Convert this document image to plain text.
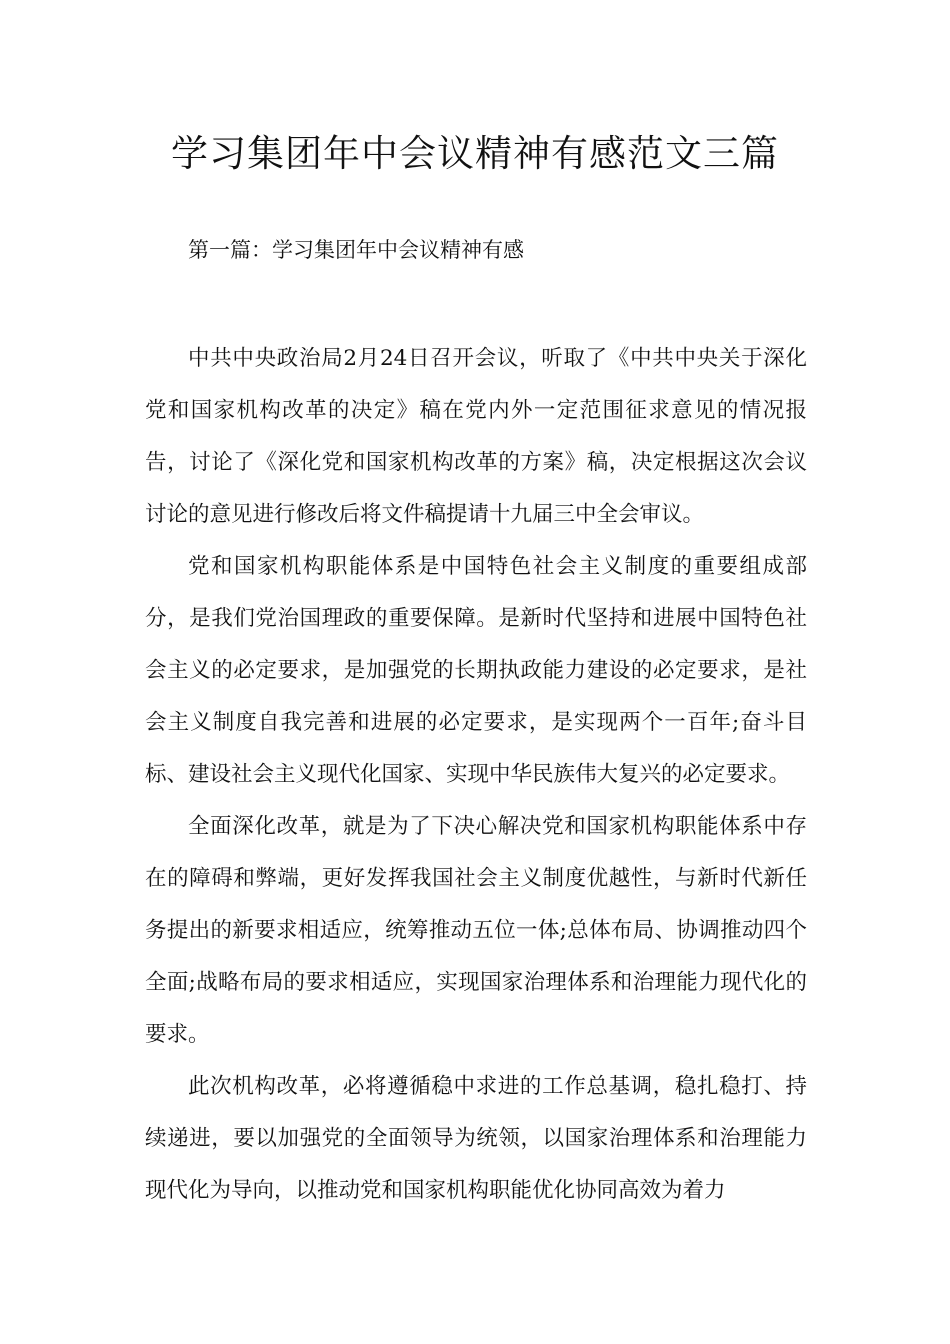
学习集团年中会议精神有感范文三篇

第一篇：学习集团年中会议精神有感

中共中央政治局2月24日召开会议，听取了《中共中央关于深化党和国家机构改革的决定》稿在党内外一定范围征求意见的情况报告，讨论了《深化党和国家机构改革的方案》稿，决定根据这次会议讨论的意见进行修改后将文件稿提请十九届三中全会审议。

党和国家机构职能体系是中国特色社会主义制度的重要组成部分，是我们党治国理政的重要保障。是新时代坚持和进展中国特色社会主义的必定要求，是加强党的长期执政能力建设的必定要求，是社会主义制度自我完善和进展的必定要求，是实现两个一百年;奋斗目标、建设社会主义现代化国家、实现中华民族伟大复兴的必定要求。

全面深化改革，就是为了下决心解决党和国家机构职能体系中存在的障碍和弊端，更好发挥我国社会主义制度优越性，与新时代新任务提出的新要求相适应，统筹推动五位一体;总体布局、协调推动四个全面;战略布局的要求相适应，实现国家治理体系和治理能力现代化的要求。

此次机构改革，必将遵循稳中求进的工作总基调，稳扎稳打、持续递进，要以加强党的全面领导为统领，以国家治理体系和治理能力现代化为导向，以推动党和国家机构职能优化协同高效为着力
